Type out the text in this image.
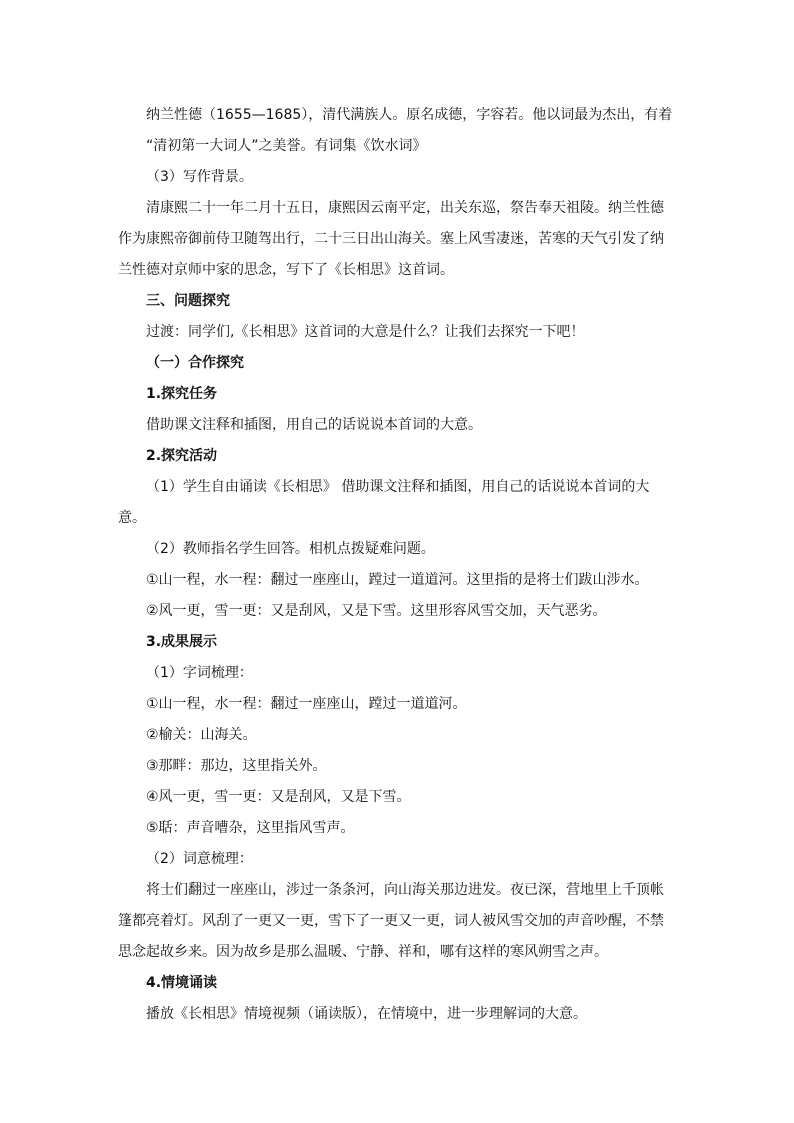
纳兰性德（1655—1685），清代满族人。原名成德，字容若。他以词最为杰出，有着

“清初第一大词人”之美誉。有词集《饮水词》

（3）写作背景。

清康熙二十一年二月十五日，康熙因云南平定，出关东巡，祭告奉天祖陵。纳兰性德

作为康熙帝御前侍卫随驾出行，二十三日出山海关。塞上风雪凄迷，苦寒的天气引发了纳

兰性德对京师中家的思念，写下了《长相思》这首词。

三、问题探究

过渡：同学们,《长相思》这首词的大意是什么？让我们去探究一下吧！

（一）合作探究

1.探究任务

借助课文注释和插图，用自己的话说说本首词的大意。

2.探究活动

（1）学生自由诵读《长相思》 借助课文注释和插图，用自己的话说说本首词的大

意。

（2）教师指名学生回答。相机点拨疑难问题。

①山一程，水一程：翻过一座座山，蹚过一道道河。这里指的是将士们跋山涉水。

②风一更，雪一更：又是刮风，又是下雪。这里形容风雪交加，天气恶劣。

3.成果展示

（1）字词梳理：

①山一程，水一程：翻过一座座山，蹚过一道道河。

②榆关：山海关。

③那畔：那边，这里指关外。

④风一更，雪一更：又是刮风，又是下雪。

⑤聒：声音嘈杂，这里指风雪声。

（2）词意梳理：

将士们翻过一座座山，涉过一条条河，向山海关那边进发。夜已深，营地里上千顶帐

篷都亮着灯。风刮了一更又一更，雪下了一更又一更，词人被风雪交加的声音吵醒，不禁

思念起故乡来。因为故乡是那么温暖、宁静、祥和，哪有这样的寒风朔雪之声。

4.情境诵读

播放《长相思》情境视频（诵读版），在情境中，进一步理解词的大意。
